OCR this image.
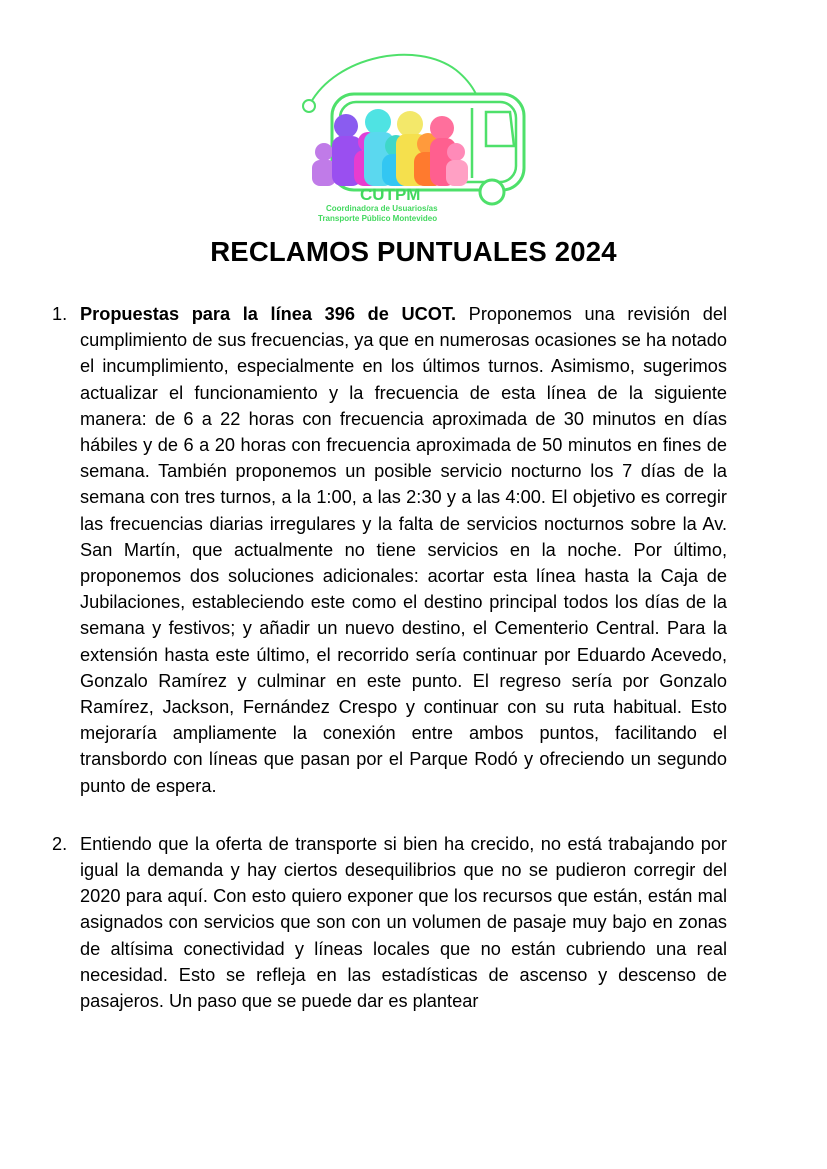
CUTPM
Coordinadora de Usuarios/as
Transporte Público Montevideo
RECLAMOS PUNTUALES 2024
1. Propuestas para la línea 396 de UCOT. Proponemos una revisión del cumplimiento de sus frecuencias, ya que en numerosas ocasiones se ha notado el incumplimiento, especialmente en los últimos turnos. Asimismo, sugerimos actualizar el funcionamiento y la frecuencia de esta línea de la siguiente manera: de 6 a 22 horas con frecuencia aproximada de 30 minutos en días hábiles y de 6 a 20 horas con frecuencia aproximada de 50 minutos en fines de semana. También proponemos un posible servicio nocturno los 7 días de la semana con tres turnos, a la 1:00, a las 2:30 y a las 4:00. El objetivo es corregir las frecuencias diarias irregulares y la falta de servicios nocturnos sobre la Av. San Martín, que actualmente no tiene servicios en la noche. Por último, proponemos dos soluciones adicionales: acortar esta línea hasta la Caja de Jubilaciones, estableciendo este como el destino principal todos los días de la semana y festivos; y añadir un nuevo destino, el Cementerio Central. Para la extensión hasta este último, el recorrido sería continuar por Eduardo Acevedo, Gonzalo Ramírez y culminar en este punto. El regreso sería por Gonzalo Ramírez, Jackson, Fernández Crespo y continuar con su ruta habitual. Esto mejoraría ampliamente la conexión entre ambos puntos, facilitando el transbordo con líneas que pasan por el Parque Rodó y ofreciendo un segundo punto de espera.

2. Entiendo que la oferta de transporte si bien ha crecido, no está trabajando por igual la demanda y hay ciertos desequilibrios que no se pudieron corregir del 2020 para aquí. Con esto quiero exponer que los recursos que están, están mal asignados con servicios que son con un volumen de pasaje muy bajo en zonas de altísima conectividad y líneas locales que no están cubriendo una real necesidad. Esto se refleja en las estadísticas de ascenso y descenso de pasajeros. Un paso que se puede dar es plantear
